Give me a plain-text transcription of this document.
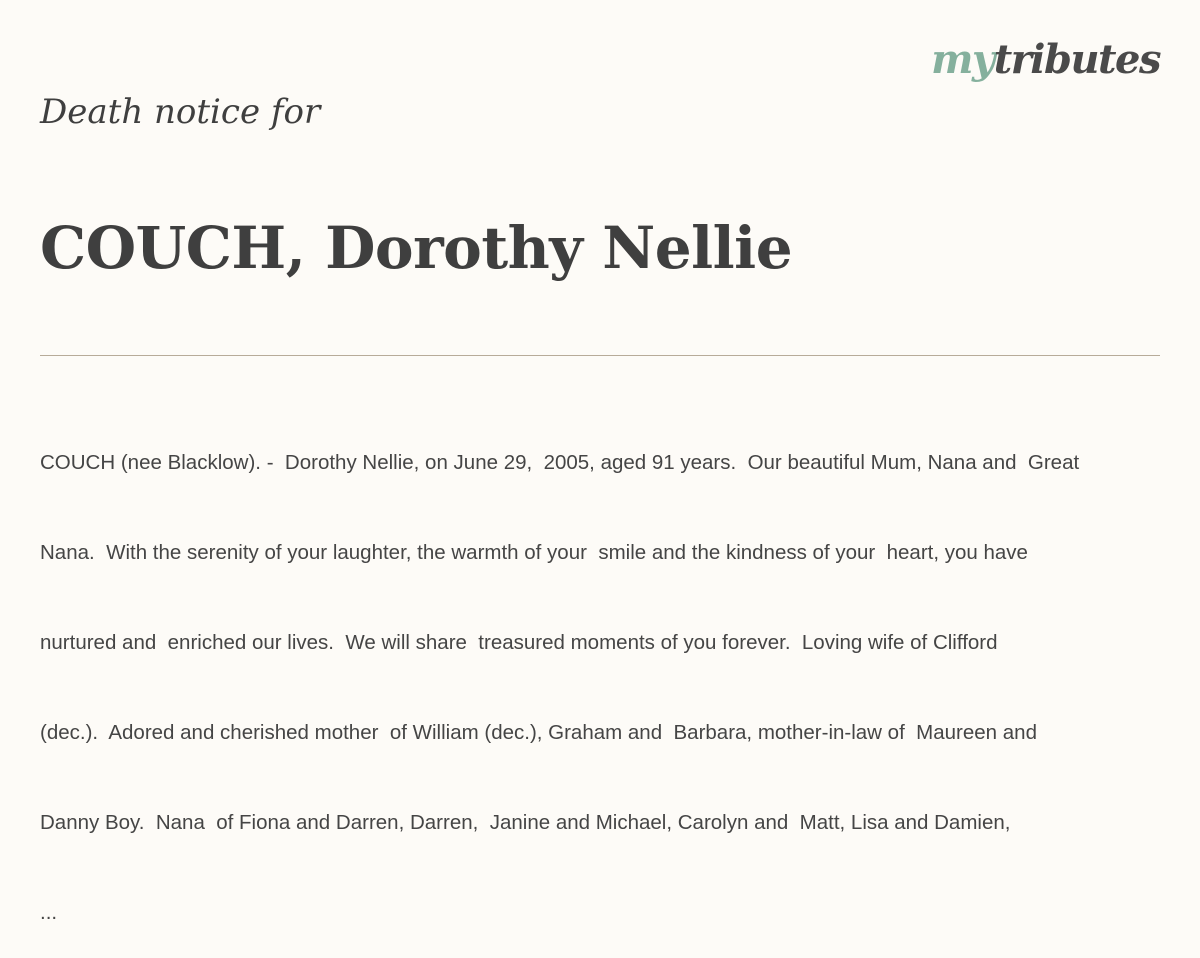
mytributes
Death notice for
COUCH, Dorothy Nellie

COUCH (nee Blacklow). -  Dorothy Nellie, on June 29,  2005, aged 91 years.  Our beautiful Mum, Nana and  Great

Nana.  With the serenity of your laughter, the warmth of your  smile and the kindness of your  heart, you have

nurtured and  enriched our lives.  We will share  treasured moments of you forever.  Loving wife of Clifford

(dec.).  Adored and cherished mother  of William (dec.), Graham and  Barbara, mother-in-law of  Maureen and

Danny Boy.  Nana  of Fiona and Darren, Darren,  Janine and Michael, Carolyn and  Matt, Lisa and Damien,

...
